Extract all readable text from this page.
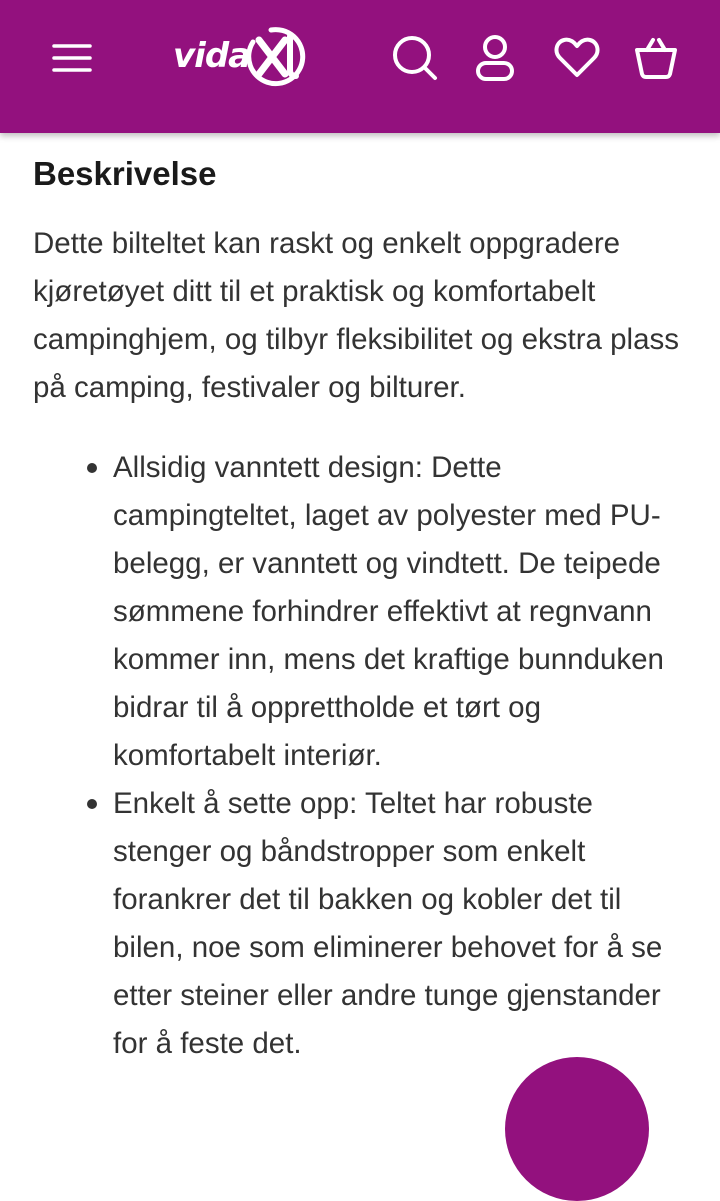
vida
Beskrivelse

Dette bilteltet kan raskt og enkelt oppgradere kjøretøyet ditt til et praktisk og komfortabelt campinghjem, og tilbyr fleksibilitet og ekstra plass på camping, festivaler og bilturer.

Allsidig vanntett design: Dette campingteltet, laget av polyester med PU-belegg, er vanntett og vindtett. De teipede sømmene forhindrer effektivt at regnvann kommer inn, mens det kraftige bunnduken bidrar til å opprettholde et tørt og komfortabelt interiør.
Enkelt å sette opp: Teltet har robuste stenger og båndstropper som enkelt forankrer det til bakken og kobler det til bilen, noe som eliminerer behovet for å se etter steiner eller andre tunge gjenstander for å feste det.
